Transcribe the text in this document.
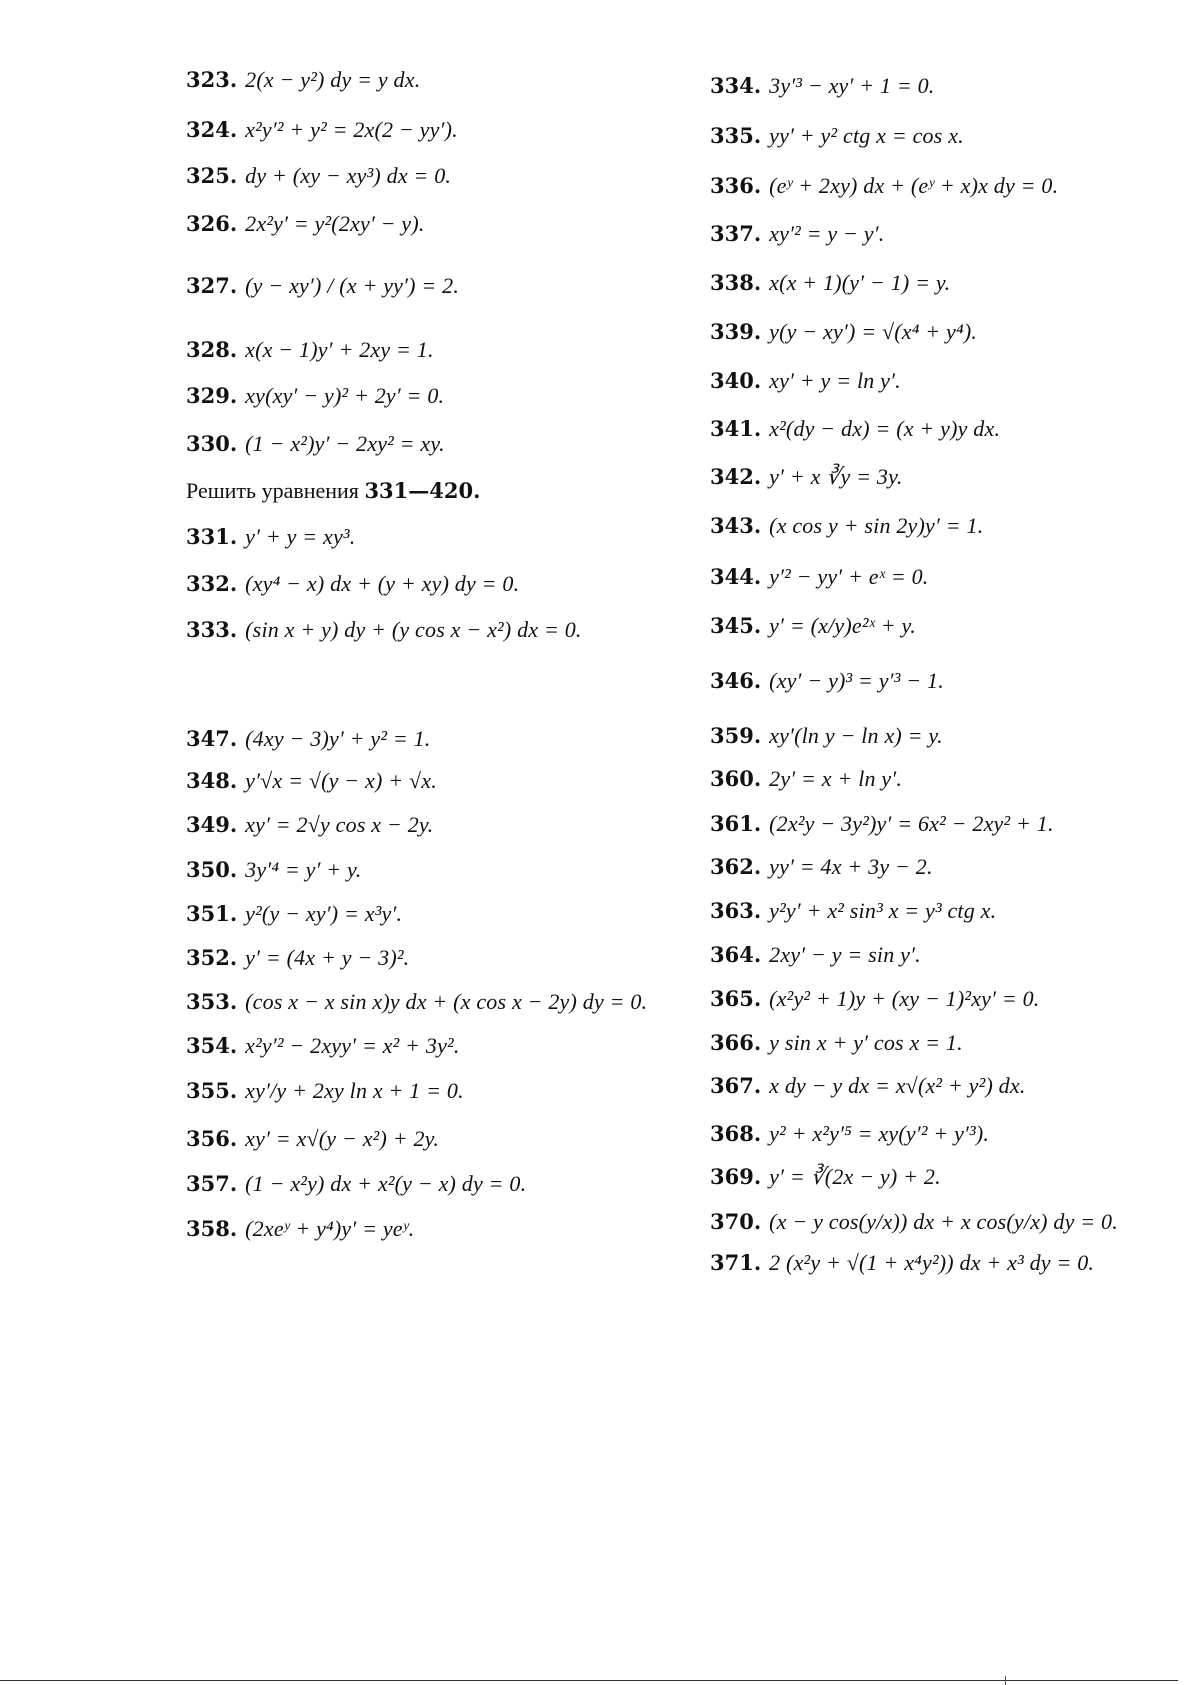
323. 2(x − y²) dy = y dx.
324. x²y′² + y² = 2x(2 − yy′).
325. dy + (xy − xy³) dx = 0.
326. 2x²y′ = y²(2xy′ − y).
327. (y − xy′) / (x + yy′) = 2.
328. x(x − 1)y′ + 2xy = 1.
329. xy(xy′ − y)² + 2y′ = 0.
330. (1 − x²)y′ − 2xy² = xy.
Решить уравнения 331—420.
331. y′ + y = xy³.
332. (xy⁴ − x) dx + (y + xy) dy = 0.
333. (sin x + y) dy + (y cos x − x²) dx = 0.
334. 3y′³ − xy′ + 1 = 0.
335. yy′ + y² ctg x = cos x.
336. (eʸ + 2xy) dx + (eʸ + x)x dy = 0.
337. xy′² = y − y′.
338. x(x + 1)(y′ − 1) = y.
339. y(y − xy′) = √(x⁴ + y⁴).
340. xy′ + y = ln y′.
341. x²(dy − dx) = (x + y)y dx.
342. y′ + x ∛y = 3y.
343. (x cos y + sin 2y)y′ = 1.
344. y′² − yy′ + eˣ = 0.
345. y′ = (x/y)e²ˣ + y.
346. (xy′ − y)³ = y′³ − 1.
347. (4xy − 3)y′ + y² = 1.
348. y′√x = √(y − x) + √x.
349. xy′ = 2√y cos x − 2y.
350. 3y′⁴ = y′ + y.
351. y²(y − xy′) = x³y′.
352. y′ = (4x + y − 3)².
353. (cos x − x sin x)y dx + (x cos x − 2y) dy = 0.
354. x²y′² − 2xyy′ = x² + 3y².
355. xy′/y + 2xy ln x + 1 = 0.
356. xy′ = x√(y − x²) + 2y.
357. (1 − x²y) dx + x²(y − x) dy = 0.
358. (2xeʸ + y⁴)y′ = yeʸ.
359. xy′(ln y − ln x) = y.
360. 2y′ = x + ln y′.
361. (2x²y − 3y²)y′ = 6x² − 2xy² + 1.
362. yy′ = 4x + 3y − 2.
363. y²y′ + x² sin³ x = y³ ctg x.
364. 2xy′ − y = sin y′.
365. (x²y² + 1)y + (xy − 1)²xy′ = 0.
366. y sin x + y′ cos x = 1.
367. x dy − y dx = x√(x² + y²) dx.
368. y² + x²y′⁵ = xy(y′² + y′³).
369. y′ = ∛(2x − y) + 2.
370. (x − y cos(y/x)) dx + x cos(y/x) dy = 0.
371. 2 (x²y + √(1 + x⁴y²)) dx + x³ dy = 0.
